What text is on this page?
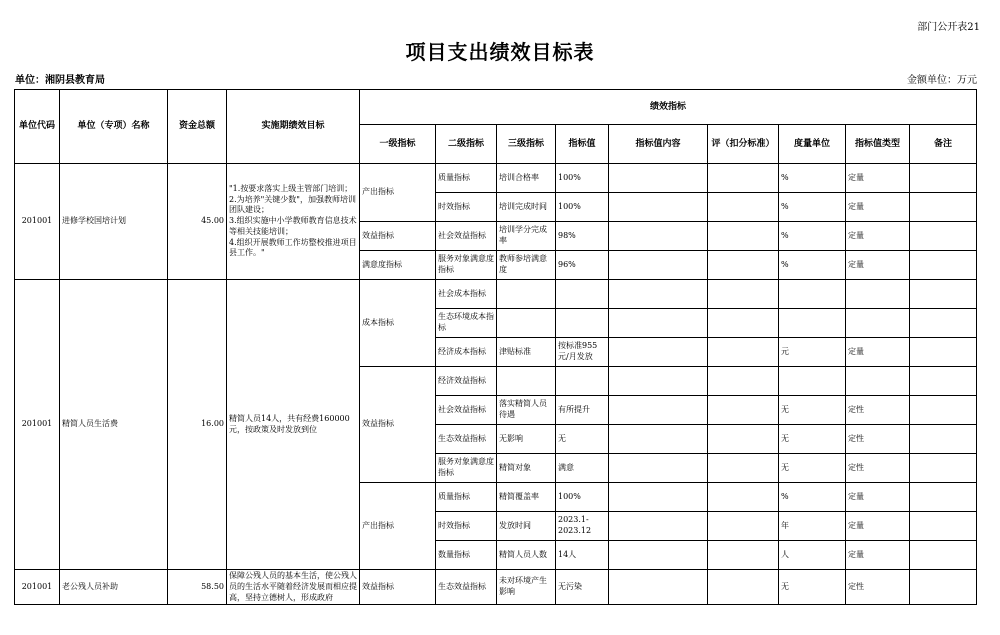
部门公开表21
项目支出绩效目标表
单位：湘阴县教育局	金额单位：万元
单位代码	单位（专项）名称	资金总额	实施期绩效目标	绩效指标								
				一级指标	二级指标	三级指标	指标值	指标值内容	评（扣分标准）	度量单位	指标值类型	备注
201001	进修学校国培计划	45.00	"1.按要求落实上级主管部门培训；
2.为培养"关键少数"，加强教师培训团队建设；
3.组织实施中小学教师教育信息技术等相关技能培训；
4.组织开展教师工作坊整校推进项目县工作。"	产出指标	质量指标	培训合格率	100%			%	定量	
					时效指标	培训完成时间	100%			%	定量	
				效益指标	社会效益指标	培训学分完成率	98%			%	定量	
				满意度指标	服务对象满意度指标	教师参培满意度	96%			%	定量	
201001	精简人员生活费	16.00	精简人员14人，共有经费160000元，按政策及时发放到位	成本指标	社会成本指标							
					生态环境成本指标							
					经济成本指标	津贴标准	按标准955元/月发放			元	定量	
				效益指标	经济效益指标							
					社会效益指标	落实精简人员待遇	有所提升			无	定性	
					生态效益指标	无影响	无			无	定性	
					服务对象满意度指标	精简对象	满意			无	定性	
				产出指标	质量指标	精简覆盖率	100%			%	定量	
					时效指标	发放时间	2023.1-2023.12			年	定量	
					数量指标	精简人员人数	14人			人	定量	
201001	老公残人员补助	58.50	保障公残人员的基本生活，使公残人员的生活水平随着经济发展而相应提高，坚持立德树人，形成政府	效益指标	生态效益指标	未对环境产生影响	无污染			无	定性	
